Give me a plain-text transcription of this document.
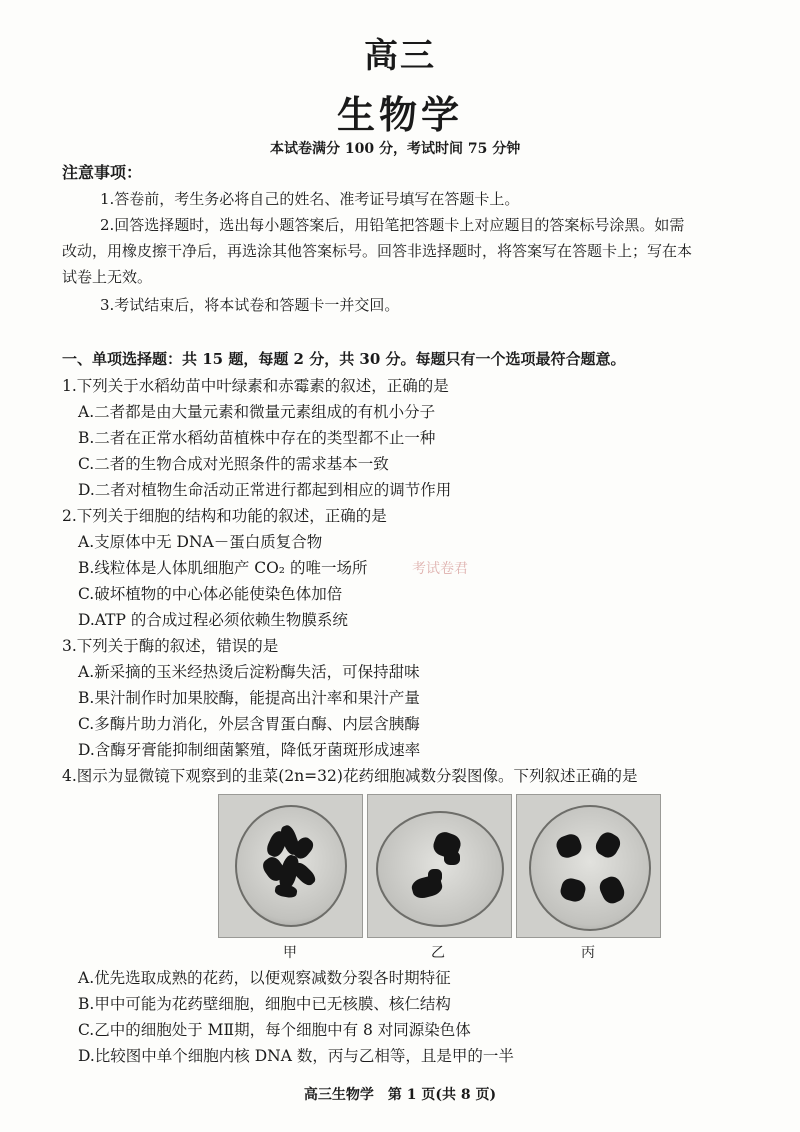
高三
生物学
本试卷满分 100 分，考试时间 75 分钟
注意事项：
1.答卷前，考生务必将自己的姓名、准考证号填写在答题卡上。
2.回答选择题时，选出每小题答案后，用铅笔把答题卡上对应题目的答案标号涂黑。如需
改动，用橡皮擦干净后，再选涂其他答案标号。回答非选择题时，将答案写在答题卡上；写在本
试卷上无效。
3.考试结束后，将本试卷和答题卡一并交回。
一、单项选择题：共 15 题，每题 2 分，共 30 分。每题只有一个选项最符合题意。
1.下列关于水稻幼苗中叶绿素和赤霉素的叙述，正确的是
A.二者都是由大量元素和微量元素组成的有机小分子
B.二者在正常水稻幼苗植株中存在的类型都不止一种
C.二者的生物合成对光照条件的需求基本一致
D.二者对植物生命活动正常进行都起到相应的调节作用
2.下列关于细胞的结构和功能的叙述，正确的是
A.支原体中无 DNA－蛋白质复合物
B.线粒体是人体肌细胞产 CO₂ 的唯一场所	考试卷君
C.破坏植物的中心体必能使染色体加倍
D.ATP 的合成过程必须依赖生物膜系统
3.下列关于酶的叙述，错误的是
A.新采摘的玉米经热烫后淀粉酶失活，可保持甜味
B.果汁制作时加果胶酶，能提高出汁率和果汁产量
C.多酶片助力消化，外层含胃蛋白酶、内层含胰酶
D.含酶牙膏能抑制细菌繁殖，降低牙菌斑形成速率
4.图示为显微镜下观察到的韭菜(2n=32)花药细胞减数分裂图像。下列叙述正确的是
甲	乙	丙
A.优先选取成熟的花药，以便观察减数分裂各时期特征
B.甲中可能为花药壁细胞，细胞中已无核膜、核仁结构
C.乙中的细胞处于 MⅡ期，每个细胞中有 8 对同源染色体
D.比较图中单个细胞内核 DNA 数，丙与乙相等，且是甲的一半
高三生物学　第 1 页(共 8 页)
